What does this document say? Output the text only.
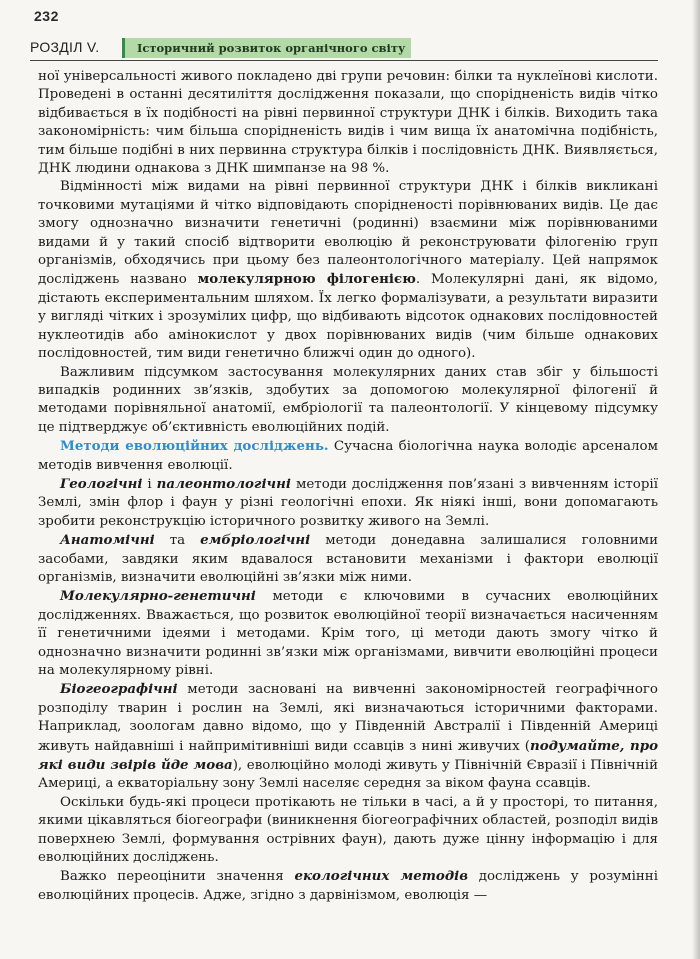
232
РОЗДІЛ V.	Історичний розвиток органічного світу

ної універсальності живого покладено дві групи речовин: білки та нуклеїнові кислоти. Проведені в останні десятиліття дослідження показали, що спорідненість видів чітко відбивається в їх подібності на рівні первинної структури ДНК і білків. Виходить така закономірність: чим більша спорідненість видів і чим вища їх анатомічна подібність, тим більше подібні в них первинна структура білків і послідовність ДНК. Виявляється, ДНК людини однакова з ДНК шимпанзе на 98 %.

Відмінності між видами на рівні первинної структури ДНК і білків викликані точковими мутаціями й чітко відповідають спорідненості порівнюваних видів. Це дає змогу однозначно визначити генетичні (родинні) взаємини між порівнюваними видами й у такий спосіб відтворити еволюцію й реконструювати філогенію груп організмів, обходячись при цьому без палеонтологічного матеріалу. Цей напрямок досліджень названо молекулярною філогенією. Молекулярні дані, як відомо, дістають експериментальним шляхом. Їх легко формалізувати, а результати виразити у вигляді чітких і зрозумілих цифр, що відбивають відсоток однакових послідовностей нуклеотидів або амінокислот у двох порівнюваних видів (чим більше однакових послідовностей, тим види генетично ближчі один до одного).

Важливим підсумком застосування молекулярних даних став збіг у більшості випадків родинних зв’язків, здобутих за допомогою молекулярної філогенії й методами порівняльної анатомії, ембріології та палеонтології. У кінцевому підсумку це підтверджує об’єктивність еволюційних подій.

Методи еволюційних досліджень. Сучасна біологічна наука володіє арсеналом методів вивчення еволюції.

Геологічні і палеонтологічні методи дослідження пов’язані з вивченням історії Землі, змін флор і фаун у різні геологічні епохи. Як ніякі інші, вони допомагають зробити реконструкцію історичного розвитку живого на Землі.

Анатомічні та ембріологічні методи донедавна залишалися головними засобами, завдяки яким вдавалося встановити механізми і фактори еволюції організмів, визначити еволюційні зв’язки між ними.

Молекулярно-генетичні методи є ключовими в сучасних еволюційних дослідженнях. Вважається, що розвиток еволюційної теорії визначається насиченням її генетичними ідеями і методами. Крім того, ці методи дають змогу чітко й однозначно визначити родинні зв’язки між організмами, вивчити еволюційні процеси на молекулярному рівні.

Біогеографічні методи засновані на вивченні закономірностей географічного розподілу тварин і рослин на Землі, які визначаються історичними факторами. Наприклад, зоологам давно відомо, що у Південній Австралії і Південній Америці живуть найдавніші і найпримітивніші види ссавців з нині живучих (подумайте, про які види звірів йде мова), еволюційно молоді живуть у Північній Євразії і Північній Америці, а екваторіальну зону Землі населяє середня за віком фауна ссавців.

Оскільки будь-які процеси протікають не тільки в часі, а й у просторі, то питання, якими цікавляться біогеографи (виникнення біогеографічних областей, розподіл видів поверхнею Землі, формування острівних фаун), дають дуже цінну інформацію і для еволюційних досліджень.

Важко переоцінити значення екологічних методів досліджень у розумінні еволюційних процесів. Адже, згідно з дарвінізмом, еволюція —
